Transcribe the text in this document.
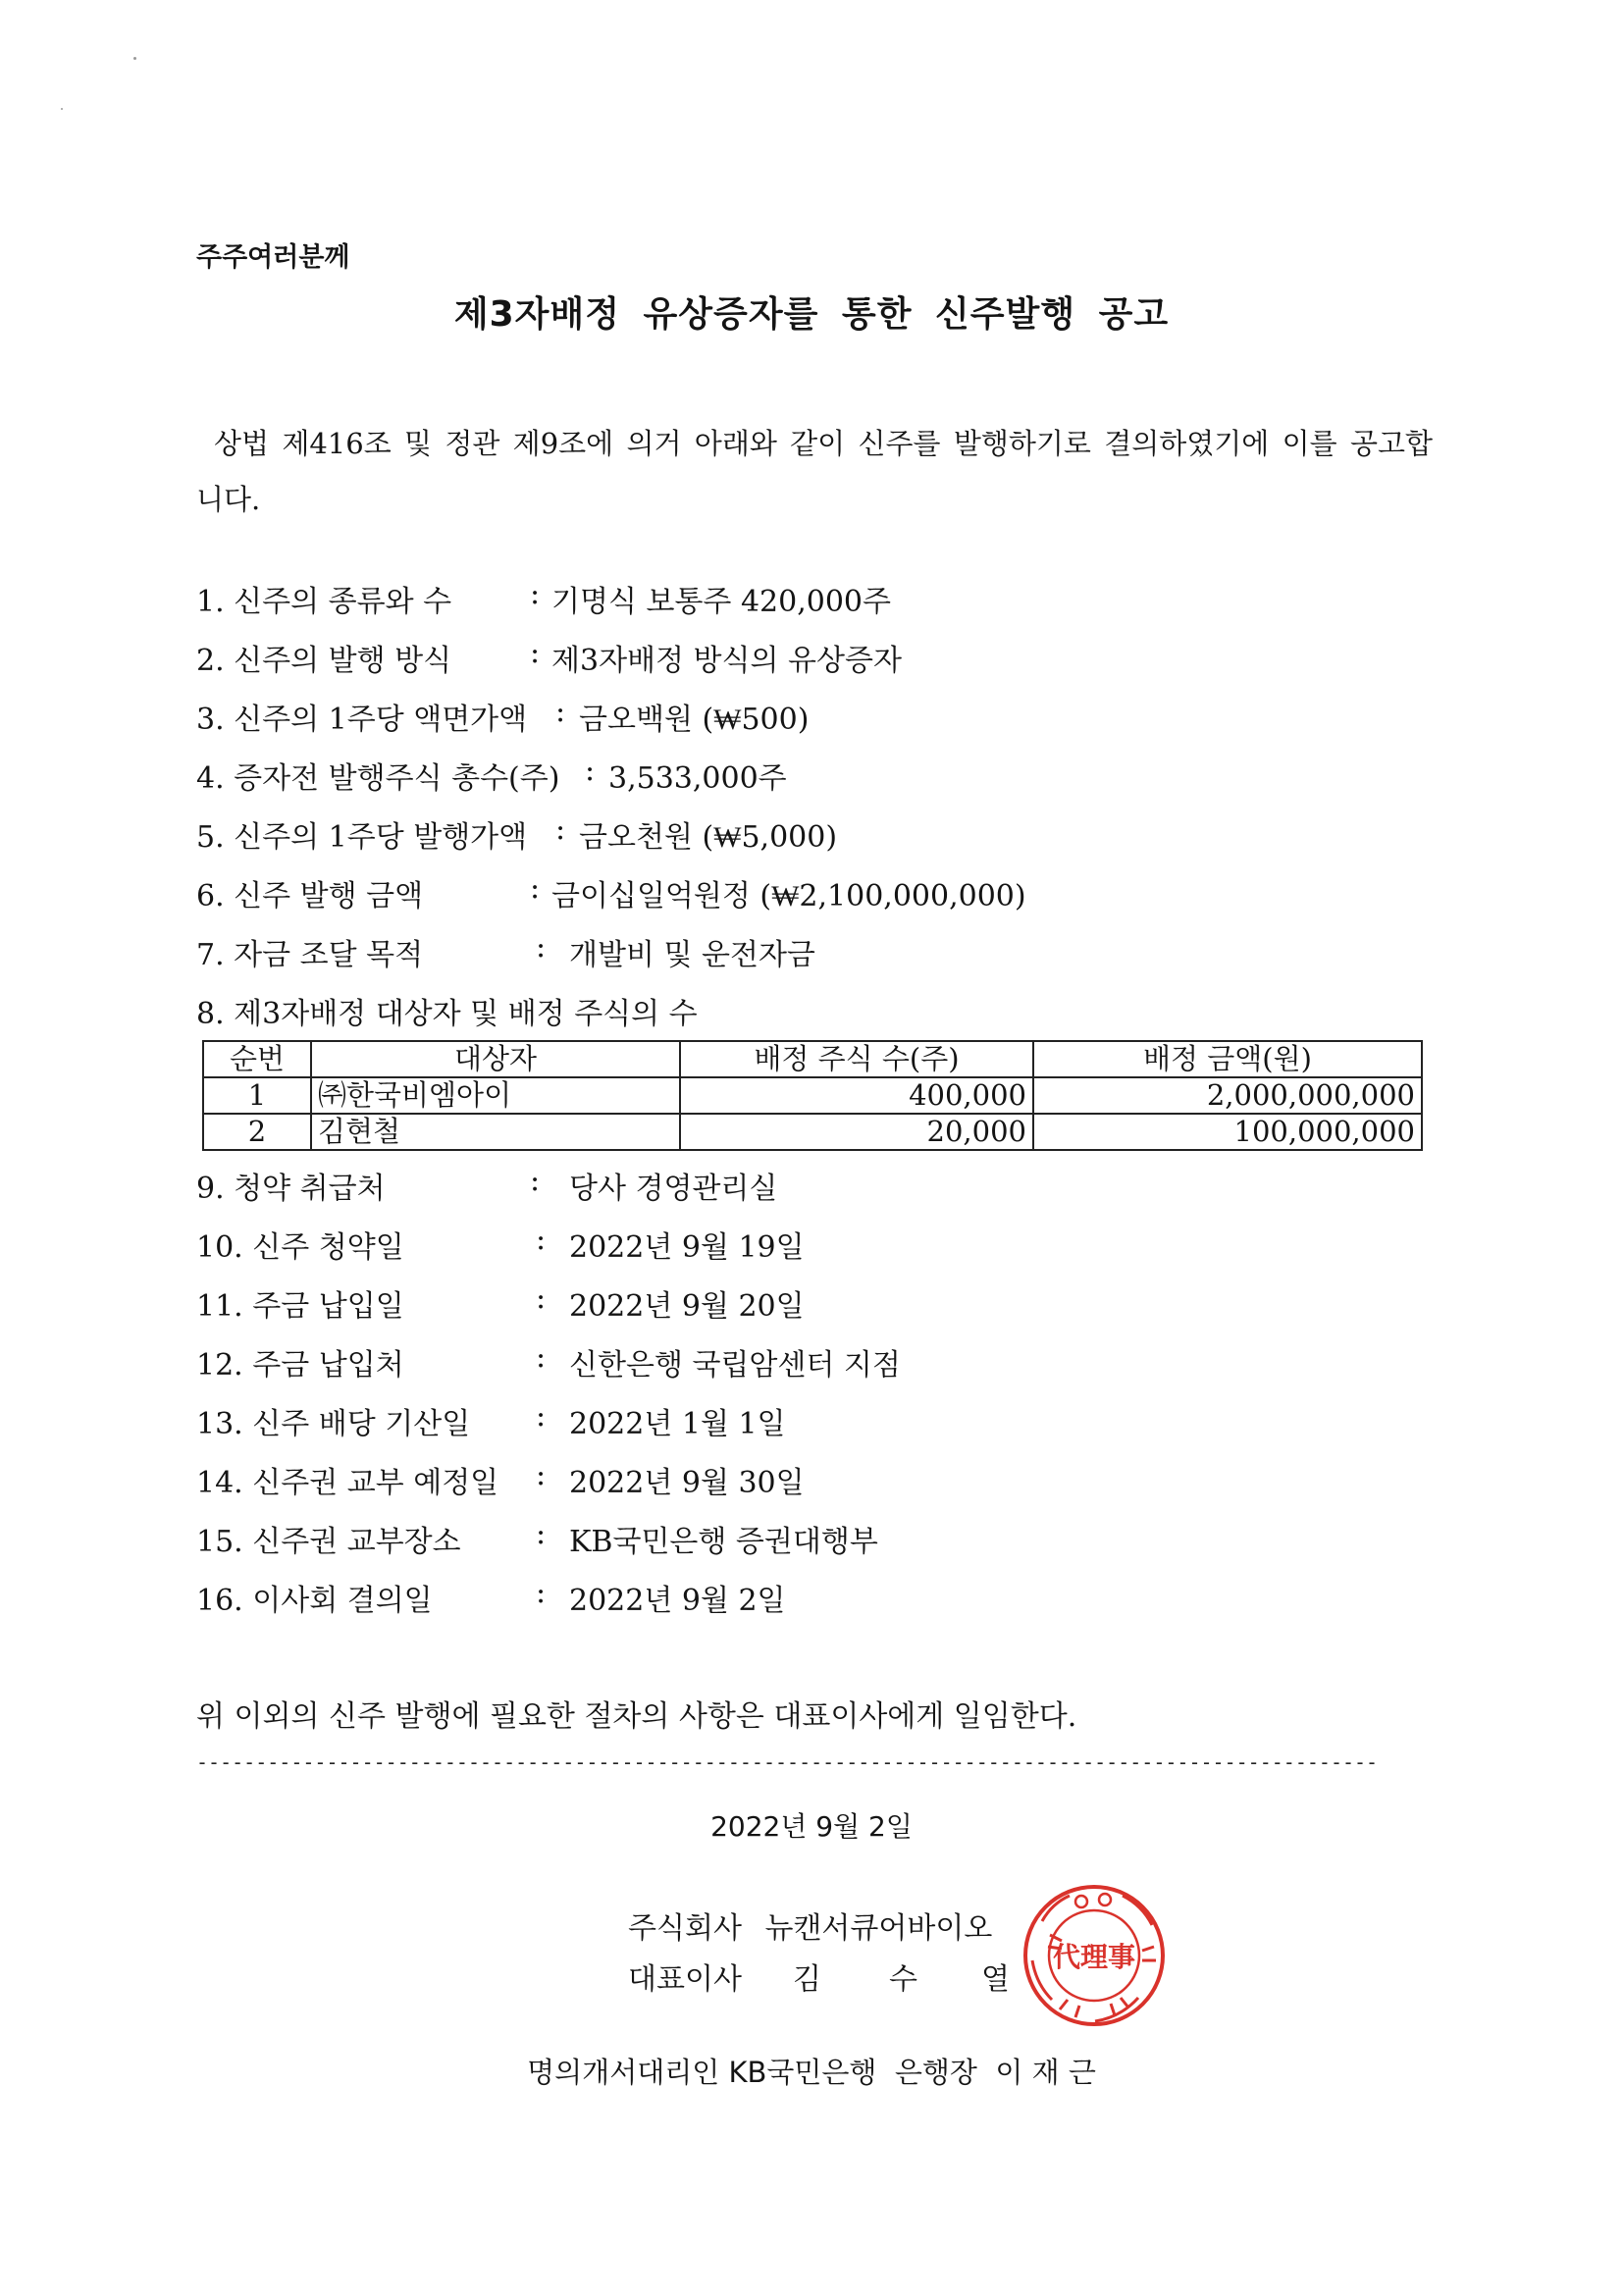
주주여러분께
제3자배정 유상증자를 통한 신주발행 공고
상법 제416조 및 정관 제9조에 의거 아래와 같이 신주를 발행하기로 결의하였기에 이를 공고합니다.
1. 신주의 종류와 수	: 기명식 보통주 420,000주
2. 신주의 발행 방식	: 제3자배정 방식의 유상증자
3. 신주의 1주당 액면가액 : 금오백원 (₩500)
4. 증자전 발행주식 총수(주) : 3,533,000주
5. 신주의 1주당 발행가액 : 금오천원 (₩5,000)
6. 신주 발행 금액	: 금이십일억원정 (₩2,100,000,000)
7. 자금 조달 목적	: 개발비 및 운전자금
8. 제3자배정 대상자 및 배정 주식의 수
순번	대상자	배정 주식 수(주)	배정 금액(원)
1	㈜한국비엠아이	400,000	2,000,000,000
2	김현철	20,000	100,000,000
9. 청약 취급처	: 당사 경영관리실
10. 신주 청약일	: 2022년 9월 19일
11. 주금 납입일	: 2022년 9월 20일
12. 주금 납입처	: 신한은행 국립암센터 지점
13. 신주 배당 기산일 : 2022년 1월 1일
14. 신주권 교부 예정일 : 2022년 9월 30일
15. 신주권 교부장소	: KB국민은행 증권대행부
16. 이사회 결의일	: 2022년 9월 2일
위 이외의 신주 발행에 필요한 절차의 사항은 대표이사에게 일임한다.
----------------------------------------------------------------------------------------------------
2022년 9월 2일
주식회사 뉴캔서큐어바이오
대표이사 김 수 열
代理事
명의개서대리인 KB국민은행  은행장  이 재 근
